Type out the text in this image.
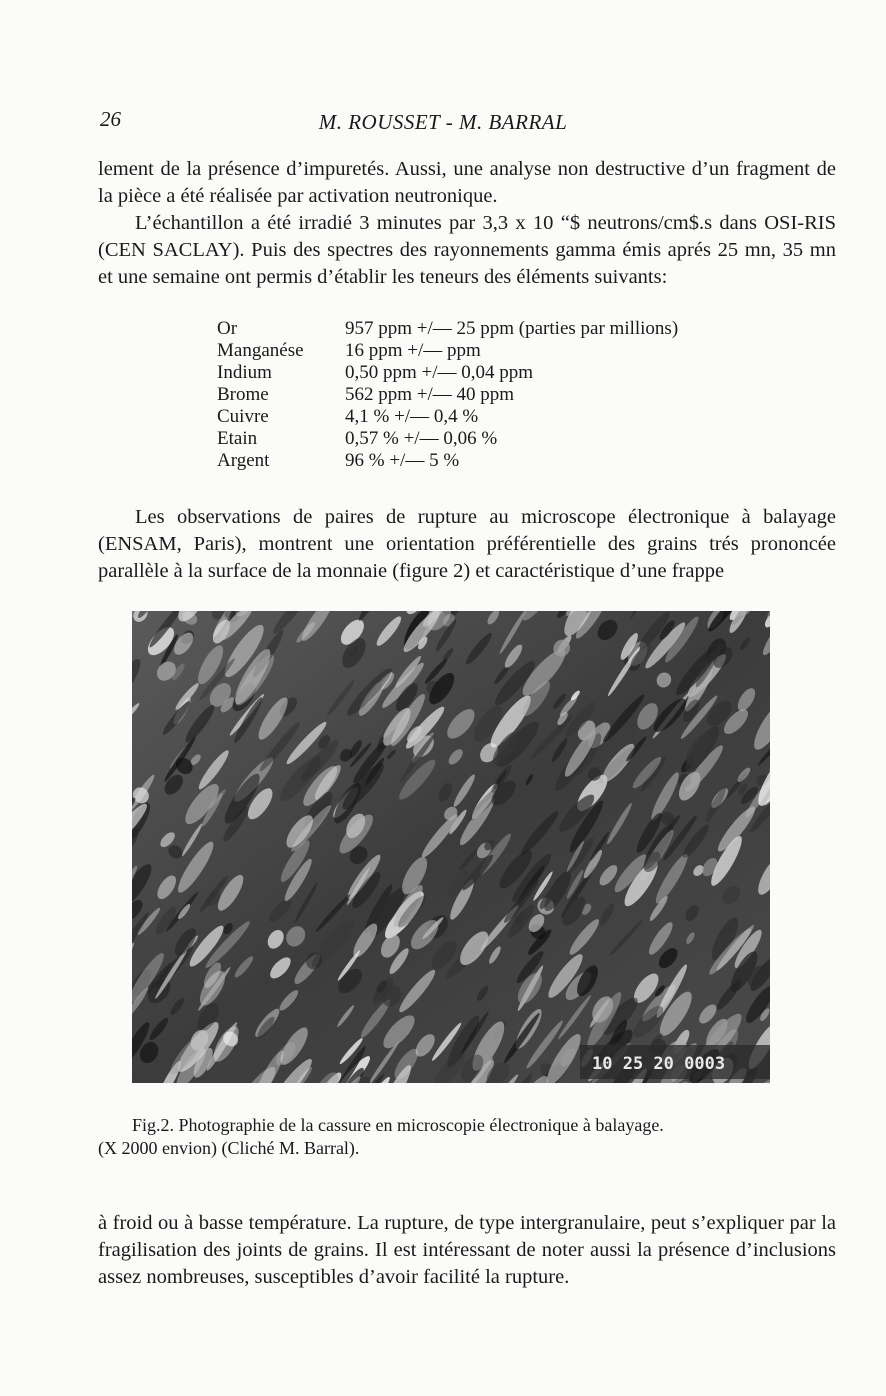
26	M. ROUSSET - M. BARRAL

lement de la présence d’impuretés. Aussi, une analyse non destructive d’un fragment de la pièce a été réalisée par activation neutronique.

L’échantillon a été irradié 3 minutes par 3,3 x 10 “$ neutrons/cm$.s dans OSI-RIS (CEN SACLAY). Puis des spectres des rayonnements gamma émis aprés 25 mn, 35 mn et une semaine ont permis d’établir les teneurs des éléments suivants:

Or	957 ppm +/— 25 ppm (parties par millions)
Manganése	16 ppm +/— ppm
Indium	0,50 ppm +/— 0,04 ppm
Brome	562 ppm +/— 40 ppm
Cuivre	4,1 % +/— 0,4 %
Etain	0,57 % +/— 0,06 %
Argent	96 % +/— 5 %

Les observations de paires de rupture au microscope électronique à balayage (ENSAM, Paris), montrent une orientation préférentielle des grains trés prononcée parallèle à la surface de la monnaie (figure 2) et caractéristique d’une frappe

10 25 20 0003
Fig.2. Photographie de la cassure en microscopie électronique à balayage.
(X 2000 envion) (Cliché M. Barral).

à froid ou à basse température. La rupture, de type intergranulaire, peut s’expliquer par la fragilisation des joints de grains. Il est intéressant de noter aussi la présence d’inclusions assez nombreuses, susceptibles d’avoir facilité la rupture.
